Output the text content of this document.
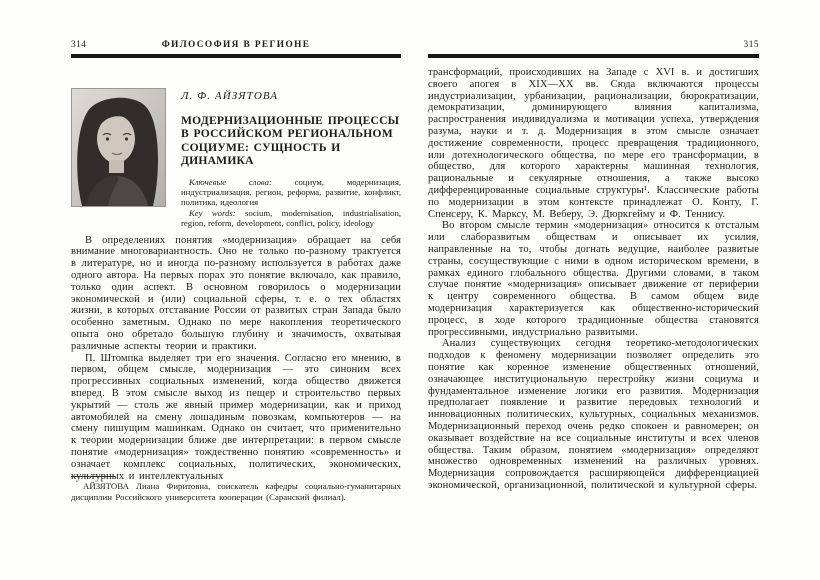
314	ФИЛОСОФИЯ В РЕГИОНЕ
Л. Ф. АЙЗЯТОВА
МОДЕРНИЗАЦИОННЫЕ ПРОЦЕССЫ
В РОССИЙСКОМ РЕГИОНАЛЬНОМ
СОЦИУМЕ: СУЩНОСТЬ И ДИНАМИКА

Ключевые слова: социум, модернизация, индустриализация, регион, реформа, развитие, конфликт, политика, идеология

Key words: socium, modernisation, industrialisation, region, reform, development, conflict, policy, ideology

В определениях понятия «модернизация» обращает на себя внимание многовариантность. Оно не только по-разному трактуется в литературе, но и иногда по-разному используется в работах даже одного автора. На первых порах это понятие включало, как правило, только один аспект. В основном говорилось о модернизации экономической и (или) социальной сферы, т. е. о тех областях жизни, в которых отставание России от развитых стран Запада было особенно заметным. Однако по мере накопления теоретического опыта оно обретало большую глубину и значимость, охватывая различные аспекты теории и практики.

П. Штомпка выделяет три его значения. Согласно его мнению, в первом, общем смысле, модернизация — это синоним всех прогрессивных социальных изменений, когда общество движется вперед. В этом смысле выход из пещер и строительство первых укрытий — столь же явный пример модернизации, как и приход автомобилей на смену лошадиным повозкам, компьютеров — на смену пишущим машинкам. Однако он считает, что применительно к теории модернизации ближе две интерпретации: в первом смысле понятие «модернизация» тождественно понятию «современность» и означает комплекс социальных, политических, экономических, культурных и интеллектуальных

АЙЗЯТОВА Лиана Фиритовна, соискатель кафедры социально-гуманитарных дисциплин Российского университета кооперации (Саранский филиал).

315

трансформаций, происходивших на Западе с XVI в. и достигших своего апогея в XIX—XX вв. Сюда включаются процессы индустриализации, урбанизации, рационализации, бюрократизации, демократизации, доминирующего влияния капитализма, распространения индивидуализма и мотивации успеха, утверждения разума, науки и т. д. Модернизация в этом смысле означает достижение современности, процесс превращения традиционного, или дотехнологического общества, по мере его трансформации, в общество, для которого характерны машинная технология, рациональные и секулярные отношения, а также высоко дифференцированные социальные структуры¹. Классические работы по модернизации в этом контексте принадлежат О. Конту, Г. Спенсеру, К. Марксу, М. Веберу, Э. Дюркгейму и Ф. Теннису.

Во втором смысле термин «модернизация» относится к отсталым или слаборазвитым обществам и описывает их усилия, направленные на то, чтобы догнать ведущие, наиболее развитые страны, сосуществующие с ними в одном историческом времени, в рамках единого глобального общества. Другими словами, в таком случае понятие «модернизация» описывает движение от периферии к центру современного общества. В самом общем виде модернизация характеризуется как общественно-исторический процесс, в ходе которого традиционные общества становятся прогрессивными, индустриально развитыми.

Анализ существующих сегодня теоретико-методологических подходов к феномену модернизации позволяет определить это понятие как коренное изменение общественных отношений, означающее институциональную перестройку жизни социума и фундаментальное изменение логики его развития. Модернизация предполагает появление и развитие передовых технологий и инновационных политических, культурных, социальных механизмов. Модернизационный переход очень редко спокоен и равномерен; он оказывает воздействие на все социальные институты и всех членов общества. Таким образом, понятием «модернизация» определяют множество одновременных изменений на различных уровнях. Модернизация сопровождается расширяющейся дифференциацией экономической, организационной, политической и культурной сферы.
